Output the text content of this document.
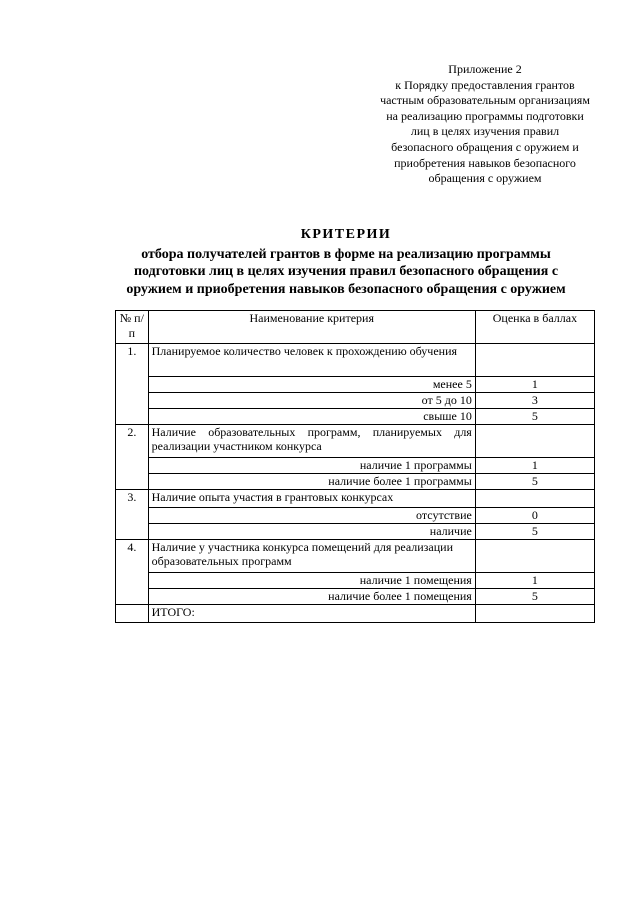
Приложение 2
к Порядку предоставления грантов
частным образовательным организациям
на реализацию программы подготовки
лиц в целях изучения правил
безопасного обращения с оружием и
приобретения навыков безопасного
обращения с оружием
КРИТЕРИИ
отбора получателей грантов в форме на реализацию программы
подготовки лиц в целях изучения правил безопасного обращения с
оружием и приобретения навыков безопасного обращения с оружием
№ п/п	Наименование критерия	Оценка в баллах
1.	Планируемое количество человек к прохождению обучения	
	менее 5	1
	от 5 до 10	3
	свыше 10	5
2.	Наличие образовательных программ, планируемых для реализации участником конкурса	
	наличие 1 программы	1
	наличие более 1 программы	5
3.	Наличие опыта участия в грантовых конкурсах	
	отсутствие	0
	наличие	5
4.	Наличие у участника конкурса помещений для реализации образовательных программ	
	наличие 1 помещения	1
	наличие более 1 помещения	5
	ИТОГО:	
